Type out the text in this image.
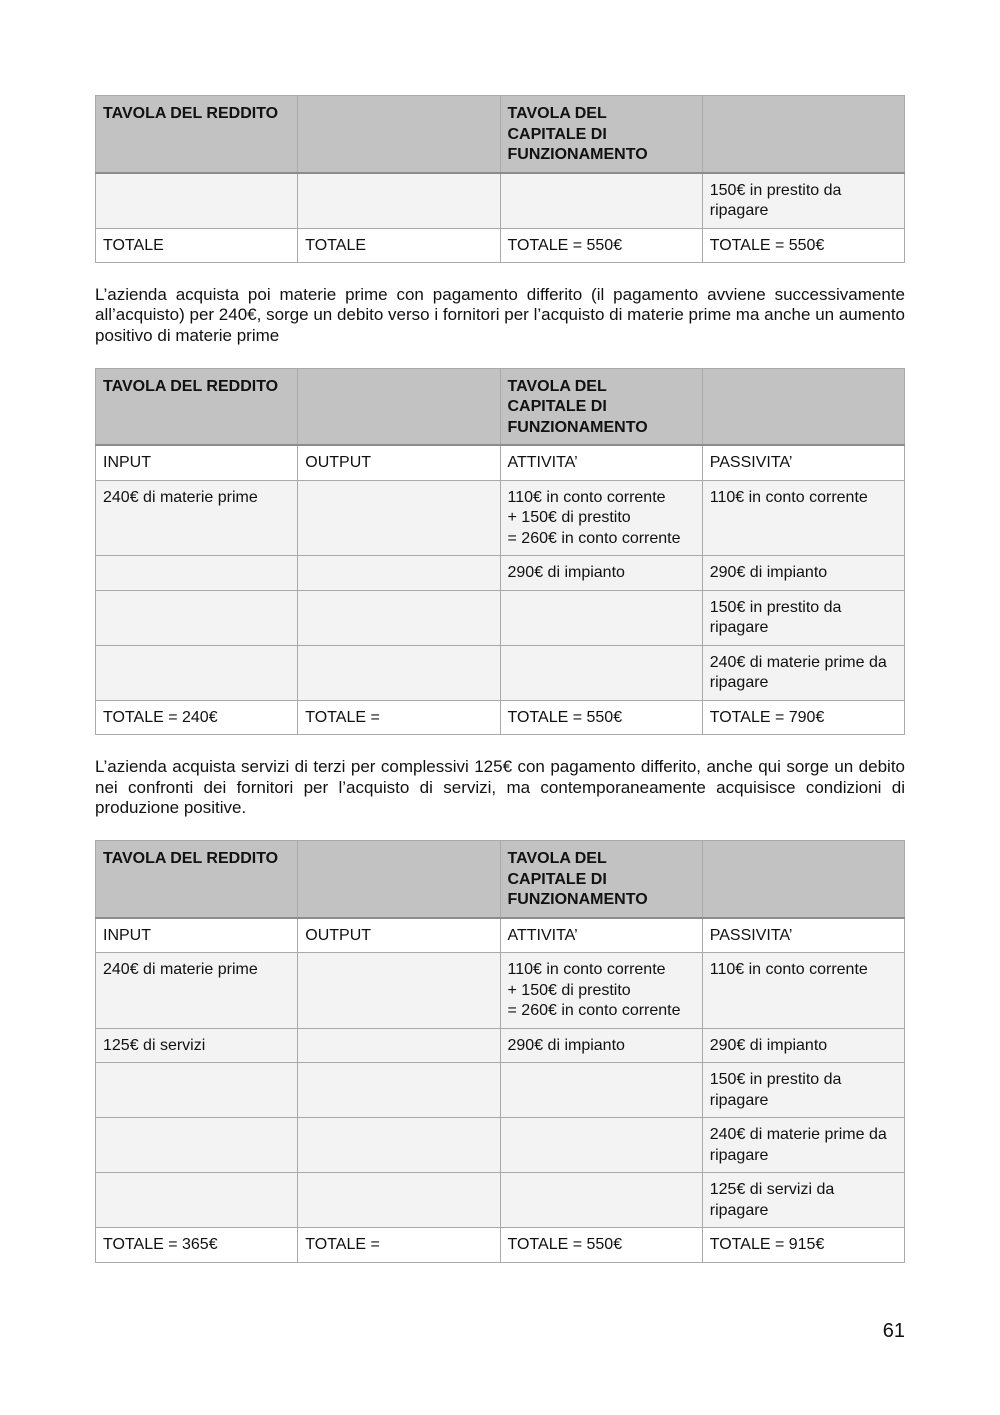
TAVOLA DEL REDDITO		TAVOLA DEL
CAPITALE DI
FUNZIONAMENTO	

			150€ in prestito da
ripagare

TOTALE	TOTALE	TOTALE = 550€	TOTALE = 550€

L’azienda acquista poi materie prime con pagamento differito (il pagamento avviene successivamente all’acquisto) per 240€, sorge un debito verso i fornitori per l’acquisto di materie prime ma anche un aumento positivo di materie prime

TAVOLA DEL REDDITO		TAVOLA DEL
CAPITALE DI
FUNZIONAMENTO	

INPUT	OUTPUT	ATTIVITA’	PASSIVITA’

240€ di materie prime		110€ in conto corrente
+ 150€ di prestito
= 260€ in conto corrente	110€ in conto corrente

		290€ di impianto	290€ di impianto

			150€ in prestito da
ripagare

			240€ di materie prime da
ripagare

TOTALE = 240€	TOTALE =	TOTALE = 550€	TOTALE = 790€

L’azienda acquista servizi di terzi per complessivi 125€ con pagamento differito, anche qui sorge un debito nei confronti dei fornitori per l’acquisto di servizi, ma contemporaneamente acquisisce condizioni di produzione positive.

TAVOLA DEL REDDITO		TAVOLA DEL
CAPITALE DI
FUNZIONAMENTO	

INPUT	OUTPUT	ATTIVITA’	PASSIVITA’

240€ di materie prime		110€ in conto corrente
+ 150€ di prestito
= 260€ in conto corrente	110€ in conto corrente

125€ di servizi		290€ di impianto	290€ di impianto

			150€ in prestito da
ripagare

			240€ di materie prime da
ripagare

			125€ di servizi da
ripagare

TOTALE = 365€	TOTALE =	TOTALE = 550€	TOTALE = 915€
61
